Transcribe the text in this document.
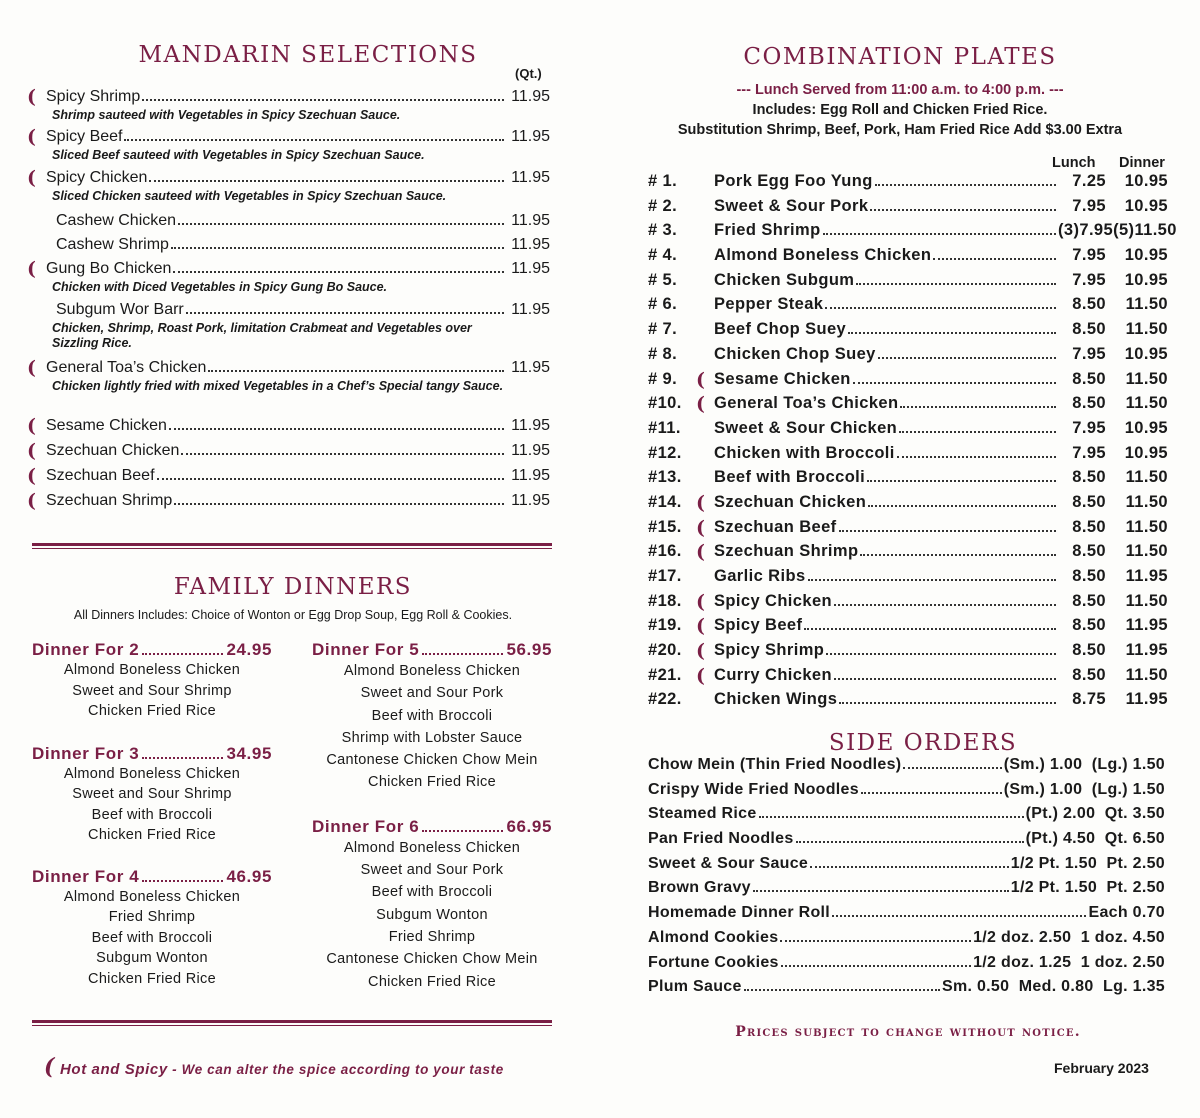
MANDARIN SELECTIONS
(Qt.)
( Spicy Shrimp	11.95
Shrimp sauteed with Vegetables in Spicy Szechuan Sauce.
( Spicy Beef	11.95
Sliced Beef sauteed with Vegetables in Spicy Szechuan Sauce.
( Spicy Chicken	11.95
Sliced Chicken sauteed with Vegetables in Spicy Szechuan Sauce.
Cashew Chicken	11.95
Cashew Shrimp	11.95
( Gung Bo Chicken	11.95
Chicken with Diced Vegetables in Spicy Gung Bo Sauce.
Subgum Wor Barr	11.95
Chicken, Shrimp, Roast Pork, limitation Crabmeat and Vegetables over Sizzling Rice.
( General Toa’s Chicken	11.95
Chicken lightly fried with mixed Vegetables in a Chef’s Special tangy Sauce.
( Sesame Chicken	11.95
( Szechuan Chicken	11.95
( Szechuan Beef	11.95
( Szechuan Shrimp	11.95
FAMILY DINNERS
All Dinners Includes: Choice of Wonton or Egg Drop Soup, Egg Roll & Cookies.
Dinner For 2	24.95
Almond Boneless Chicken
Sweet and Sour Shrimp
Chicken Fried Rice
Dinner For 3	34.95
Almond Boneless Chicken
Sweet and Sour Shrimp
Beef with Broccoli
Chicken Fried Rice
Dinner For 4	46.95
Almond Boneless Chicken
Fried Shrimp
Beef with Broccoli
Subgum Wonton
Chicken Fried Rice
Dinner For 5	56.95
Almond Boneless Chicken
Sweet and Sour Pork
Beef with Broccoli
Shrimp with Lobster Sauce
Cantonese Chicken Chow Mein
Chicken Fried Rice
Dinner For 6	66.95
Almond Boneless Chicken
Sweet and Sour Pork
Beef with Broccoli
Subgum Wonton
Fried Shrimp
Cantonese Chicken Chow Mein
Chicken Fried Rice
( Hot and Spicy - We can alter the spice according to your taste
COMBINATION PLATES
--- Lunch Served from 11:00 a.m. to 4:00 p.m. ---
Includes: Egg Roll and Chicken Fried Rice.
Substitution Shrimp, Beef, Pork, Ham Fried Rice Add $3.00 Extra
Lunch Dinner
# 1.	Pork Egg Foo Yung	7.25	10.95
# 2.	Sweet & Sour Pork	7.95	10.95
# 3.	Fried Shrimp	(3)7.95(5)11.50
# 4.	Almond Boneless Chicken	7.95	10.95
# 5.	Chicken Subgum	7.95	10.95
# 6.	Pepper Steak	8.50	11.50
# 7.	Beef Chop Suey	8.50	11.50
# 8.	Chicken Chop Suey	7.95	10.95
# 9. ( Sesame Chicken	8.50	11.50
#10. ( General Toa’s Chicken	8.50	11.50
#11.	Sweet & Sour Chicken	7.95	10.95
#12.	Chicken with Broccoli	7.95	10.95
#13.	Beef with Broccoli	8.50	11.50
#14. ( Szechuan Chicken	8.50	11.50
#15. ( Szechuan Beef	8.50	11.50
#16. ( Szechuan Shrimp	8.50	11.50
#17.	Garlic Ribs	8.50	11.95
#18. ( Spicy Chicken	8.50	11.50
#19. ( Spicy Beef	8.50	11.95
#20. ( Spicy Shrimp	8.50	11.95
#21. ( Curry Chicken	8.50	11.50
#22.	Chicken Wings	8.75	11.95
SIDE ORDERS
Chow Mein (Thin Fried Noodles)	(Sm.) 1.00  (Lg.) 1.50
Crispy Wide Fried Noodles	(Sm.) 1.00  (Lg.) 1.50
Steamed Rice	(Pt.) 2.00  Qt. 3.50
Pan Fried Noodles	(Pt.) 4.50  Qt. 6.50
Sweet & Sour Sauce	1/2 Pt. 1.50  Pt. 2.50
Brown Gravy	1/2 Pt. 1.50  Pt. 2.50
Homemade Dinner Roll	Each 0.70
Almond Cookies	1/2 doz. 2.50  1 doz. 4.50
Fortune Cookies	1/2 doz. 1.25  1 doz. 2.50
Plum Sauce	Sm. 0.50  Med. 0.80  Lg. 1.35
Prices subject to change without notice.
February 2023
